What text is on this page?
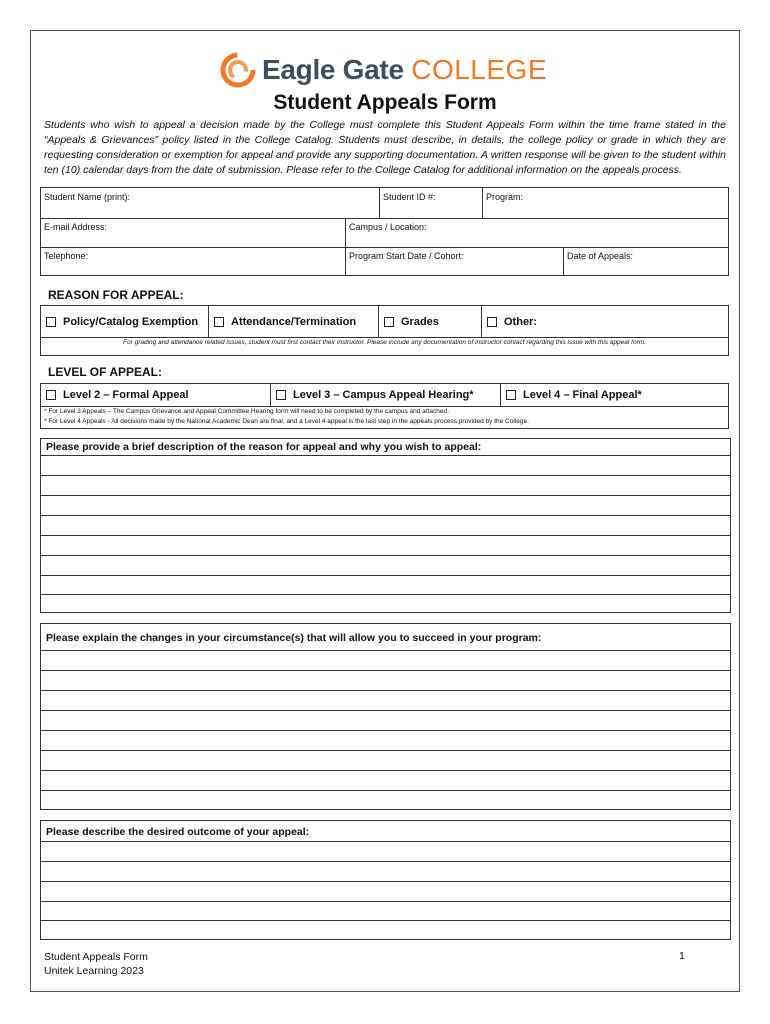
Eagle Gate COLLEGE
Student Appeals Form
Students who wish to appeal a decision made by the College must complete this Student Appeals Form within the time frame stated in the “Appeals & Grievances” policy listed in the College Catalog. Students must describe, in details, the college policy or grade in which they are requesting consideration or exemption for appeal and provide any supporting documentation. A written response will be given to the student within ten (10) calendar days from the date of submission. Please refer to the College Catalog for additional information on the appeals process.
Student Name (print):	Student ID #:	Program:
E-mail Address:	Campus / Location:
Telephone:	Program Start Date / Cohort:	Date of Appeals:
REASON FOR APPEAL:
Policy/Catalog Exemption	Attendance/Termination	Grades	Other:
For grading and attendance related issues, student must first contact their instructor. Please include any documentation of instructor contact regarding this issue with this appeal form.
LEVEL OF APPEAL:
Level 2 – Formal Appeal	Level 3 – Campus Appeal Hearing*	Level 4 – Final Appeal*
* For Level 3 Appeals – The Campus Grievance and Appeal Committee Hearing form will need to be completed by the campus and attached.
* For Level 4 Appeals - All decisions made by the National Academic Dean are final, and a Level 4 appeal is the last step in the appeals process provided by the College.
Please provide a brief description of the reason for appeal and why you wish to appeal:
Please explain the changes in your circumstance(s) that will allow you to succeed in your program:
Please describe the desired outcome of your appeal:
Student Appeals Form
Unitek Learning 2023
1
